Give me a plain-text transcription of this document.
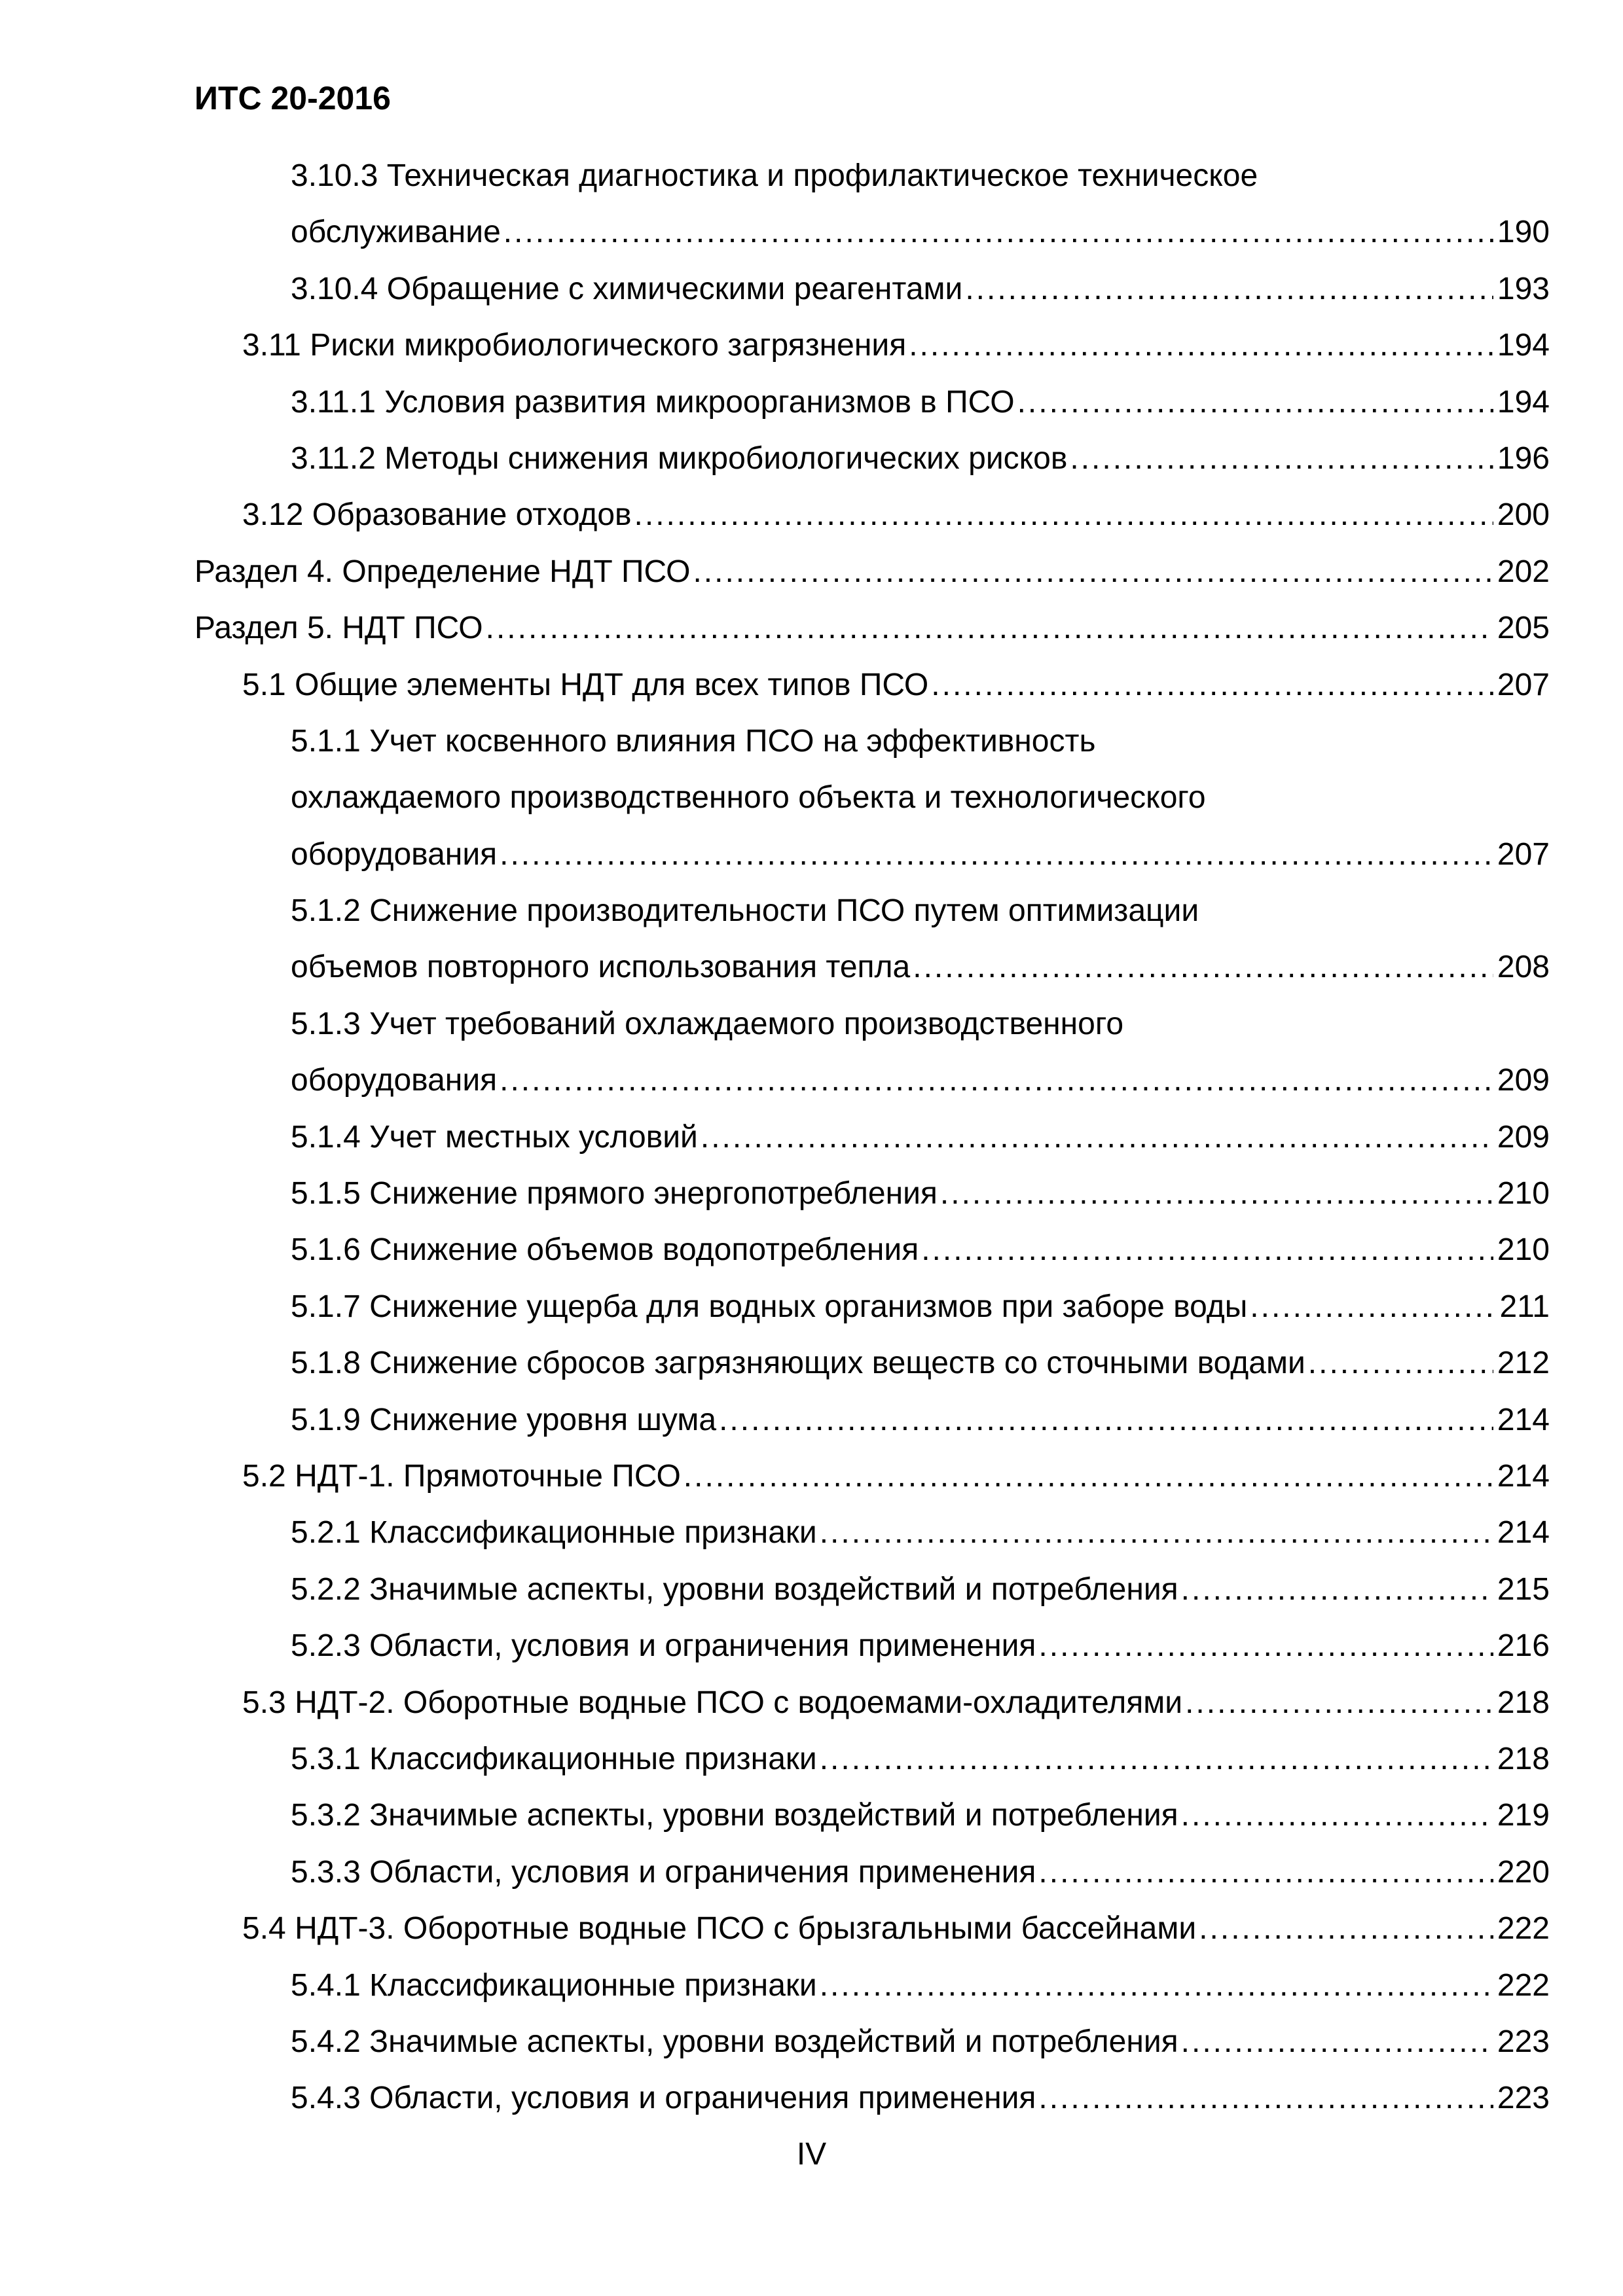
ИТС 20-2016
3.10.3 Техническая диагностика и профилактическое техническое
обслуживание .....	190
3.10.4 Обращение с химическими реагентами .....	193
3.11 Риски микробиологического загрязнения .....	194
3.11.1 Условия развития микроорганизмов в ПСО .....	194
3.11.2 Методы снижения микробиологических рисков .....	196
3.12 Образование отходов .....	200
Раздел 4. Определение НДТ ПСО .....	202
Раздел 5. НДТ ПСО .....	205
5.1 Общие элементы НДТ для всех типов ПСО .....	207
5.1.1 Учет косвенного влияния ПСО на эффективность
охлаждаемого производственного объекта и технологического
оборудования .....	207
5.1.2 Снижение производительности ПСО путем оптимизации
объемов повторного использования тепла .....	208
5.1.3 Учет требований охлаждаемого производственного
оборудования .....	209
5.1.4 Учет местных условий .....	209
5.1.5 Снижение прямого энергопотребления .....	210
5.1.6 Снижение объемов водопотребления .....	210
5.1.7 Снижение ущерба для водных организмов при заборе воды .....	211
5.1.8 Снижение сбросов загрязняющих веществ со сточными водами .....	212
5.1.9 Снижение уровня шума .....	214
5.2 НДТ-1. Прямоточные ПСО .....	214
5.2.1 Классификационные признаки .....	214
5.2.2 Значимые аспекты, уровни воздействий и потребления .....	215
5.2.3 Области, условия и ограничения применения .....	216
5.3 НДТ-2. Оборотные водные ПСО с водоемами-охладителями .....	218
5.3.1 Классификационные признаки .....	218
5.3.2 Значимые аспекты, уровни воздействий и потребления .....	219
5.3.3 Области, условия и ограничения применения .....	220
5.4 НДТ-3. Оборотные водные ПСО с брызгальными бассейнами .....	222
5.4.1 Классификационные признаки .....	222
5.4.2 Значимые аспекты, уровни воздействий и потребления .....	223
5.4.3 Области, условия и ограничения применения .....	223
IV
